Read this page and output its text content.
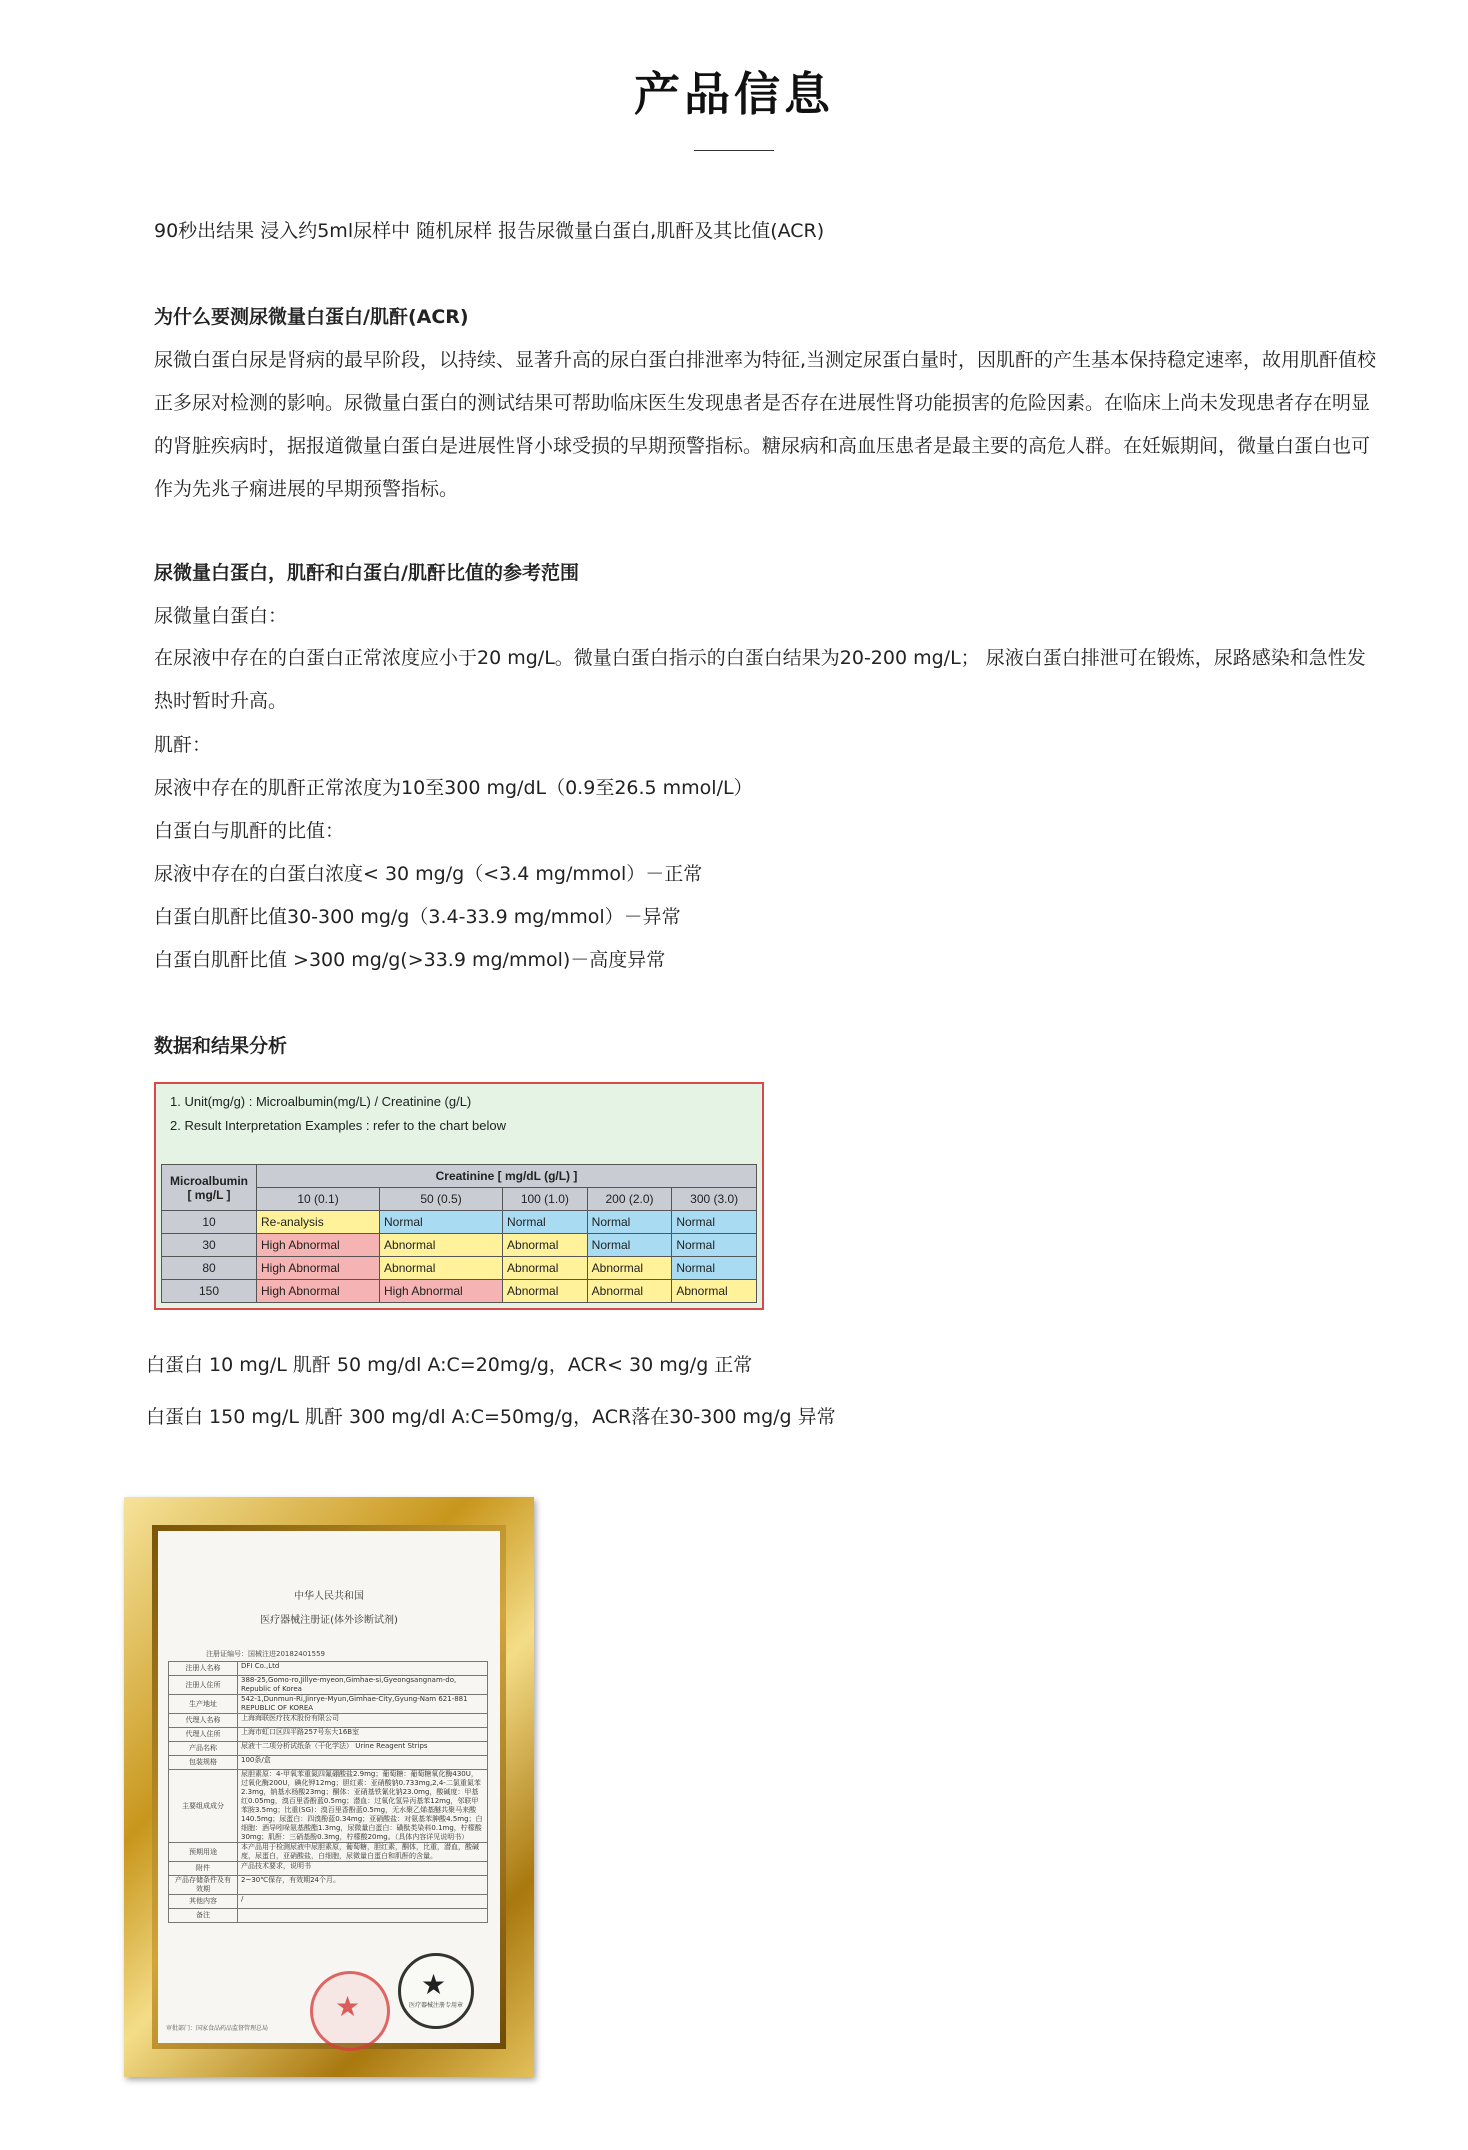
产品信息
90秒出结果 浸入约5ml尿样中 随机尿样 报告尿微量白蛋白,肌酐及其比值(ACR)
为什么要测尿微量白蛋白/肌酐(ACR)
尿微白蛋白尿是肾病的最早阶段，以持续、显著升高的尿白蛋白排泄率为特征,当测定尿蛋白量时，因肌酐的产生基本保持稳定速率，故用肌酐值校正多尿对检测的影响。尿微量白蛋白的测试结果可帮助临床医生发现患者是否存在进展性肾功能损害的危险因素。在临床上尚未发现患者存在明显的肾脏疾病时，据报道微量白蛋白是进展性肾小球受损的早期预警指标。糖尿病和高血压患者是最主要的高危人群。在妊娠期间，微量白蛋白也可作为先兆子痫进展的早期预警指标。
尿微量白蛋白，肌酐和白蛋白/肌酐比值的参考范围
尿微量白蛋白：
在尿液中存在的白蛋白正常浓度应小于20 mg/L。微量白蛋白指示的白蛋白结果为20-200 mg/L； 尿液白蛋白排泄可在锻炼，尿路感染和急性发热时暂时升高。
肌酐：
尿液中存在的肌酐正常浓度为10至300 mg/dL（0.9至26.5 mmol/L）
白蛋白与肌酐的比值：
尿液中存在的白蛋白浓度< 30 mg/g（<3.4 mg/mmol）－正常
白蛋白肌酐比值30-300 mg/g（3.4-33.9 mg/mmol）－异常
白蛋白肌酐比值 >300 mg/g(>33.9 mg/mmol)－高度异常
数据和结果分析
1. Unit(mg/g) : Microalbumin(mg/L) / Creatinine (g/L)
2. Result Interpretation Examples : refer to the chart below
Microalbumin
[ mg/L ]	Creatinine [ mg/dL (g/L) ]				
	10 (0.1)	50 (0.5)	100 (1.0)	200 (2.0)	300 (3.0)
10	Re-analysis	Normal	Normal	Normal	Normal
30	High Abnormal	Abnormal	Abnormal	Normal	Normal
80	High Abnormal	Abnormal	Abnormal	Abnormal	Normal
150	High Abnormal	High Abnormal	Abnormal	Abnormal	Abnormal
白蛋白 10 mg/L 肌酐 50 mg/dl A:C=20mg/g，ACR< 30 mg/g 正常
白蛋白 150 mg/L 肌酐 300 mg/dl A:C=50mg/g，ACR落在30-300 mg/g 异常
中华人民共和国
医疗器械注册证(体外诊断试剂)
注册证编号：国械注进20182401559
注册人名称	DFI Co.,Ltd
注册人住所	388-25,Gomo-ro,Jillye-myeon,Gimhae-si,Gyeongsangnam-do, Republic of Korea
生产地址	542-1,Dunmun-Ri,Jinrye-Myun,Gimhae-City,Gyung-Nam 621-881 REPUBLIC OF KOREA
代理人名称	上海海联医疗技术股份有限公司
代理人住所	上海市虹口区四平路257号东大16B室
产品名称	尿液十二项分析试纸条（干化学法） Urine Reagent Strips
包装规格	100条/盒
主要组成成分	尿胆素原：4-甲氧苯重氮四氟硼酸盐2.9mg；葡萄糖：葡萄糖氧化酶430U，过氧化酶200U，碘化钾12mg；胆红素：亚硝酸钠0.733mg,2,4-二氯重氮苯2.3mg，钠基水杨酸23mg；酮体：亚硝基铁氰化钠23.0mg，酸碱度：甲基红0.05mg，溴百里香酚蓝0.5mg；潜血：过氧化氢异丙基苯12mg，邻联甲苯胺3.5mg；比重(SG)：溴百里香酚蓝0.5mg，无水聚乙烯基醚共聚马来酸140.5mg；尿蛋白：四溴酚蓝0.34mg；亚硝酸盐：对氨基苯胂酸4.5mg；白细胞：酒导吲哚氨基酸酯1.3mg，尿微量白蛋白：磺酞类染料0.1mg，柠檬酸30mg；肌酐：三硝基酚0.3mg，柠檬酸20mg。（具体内容详见说明书）
预期用途	本产品用于检测尿液中尿胆素原，葡萄糖，胆红素，酮体，比重，潜血，酸碱度，尿蛋白，亚硝酸盐，白细胞，尿微量白蛋白和肌酐的含量。
附件	产品技术要求，说明书
产品存储条件及有效期	2~30℃保存，有效期24个月。
其他内容	/
备注	
审批部门：国家食品药品监督管理总局
★
★
医疗器械注册专用章
